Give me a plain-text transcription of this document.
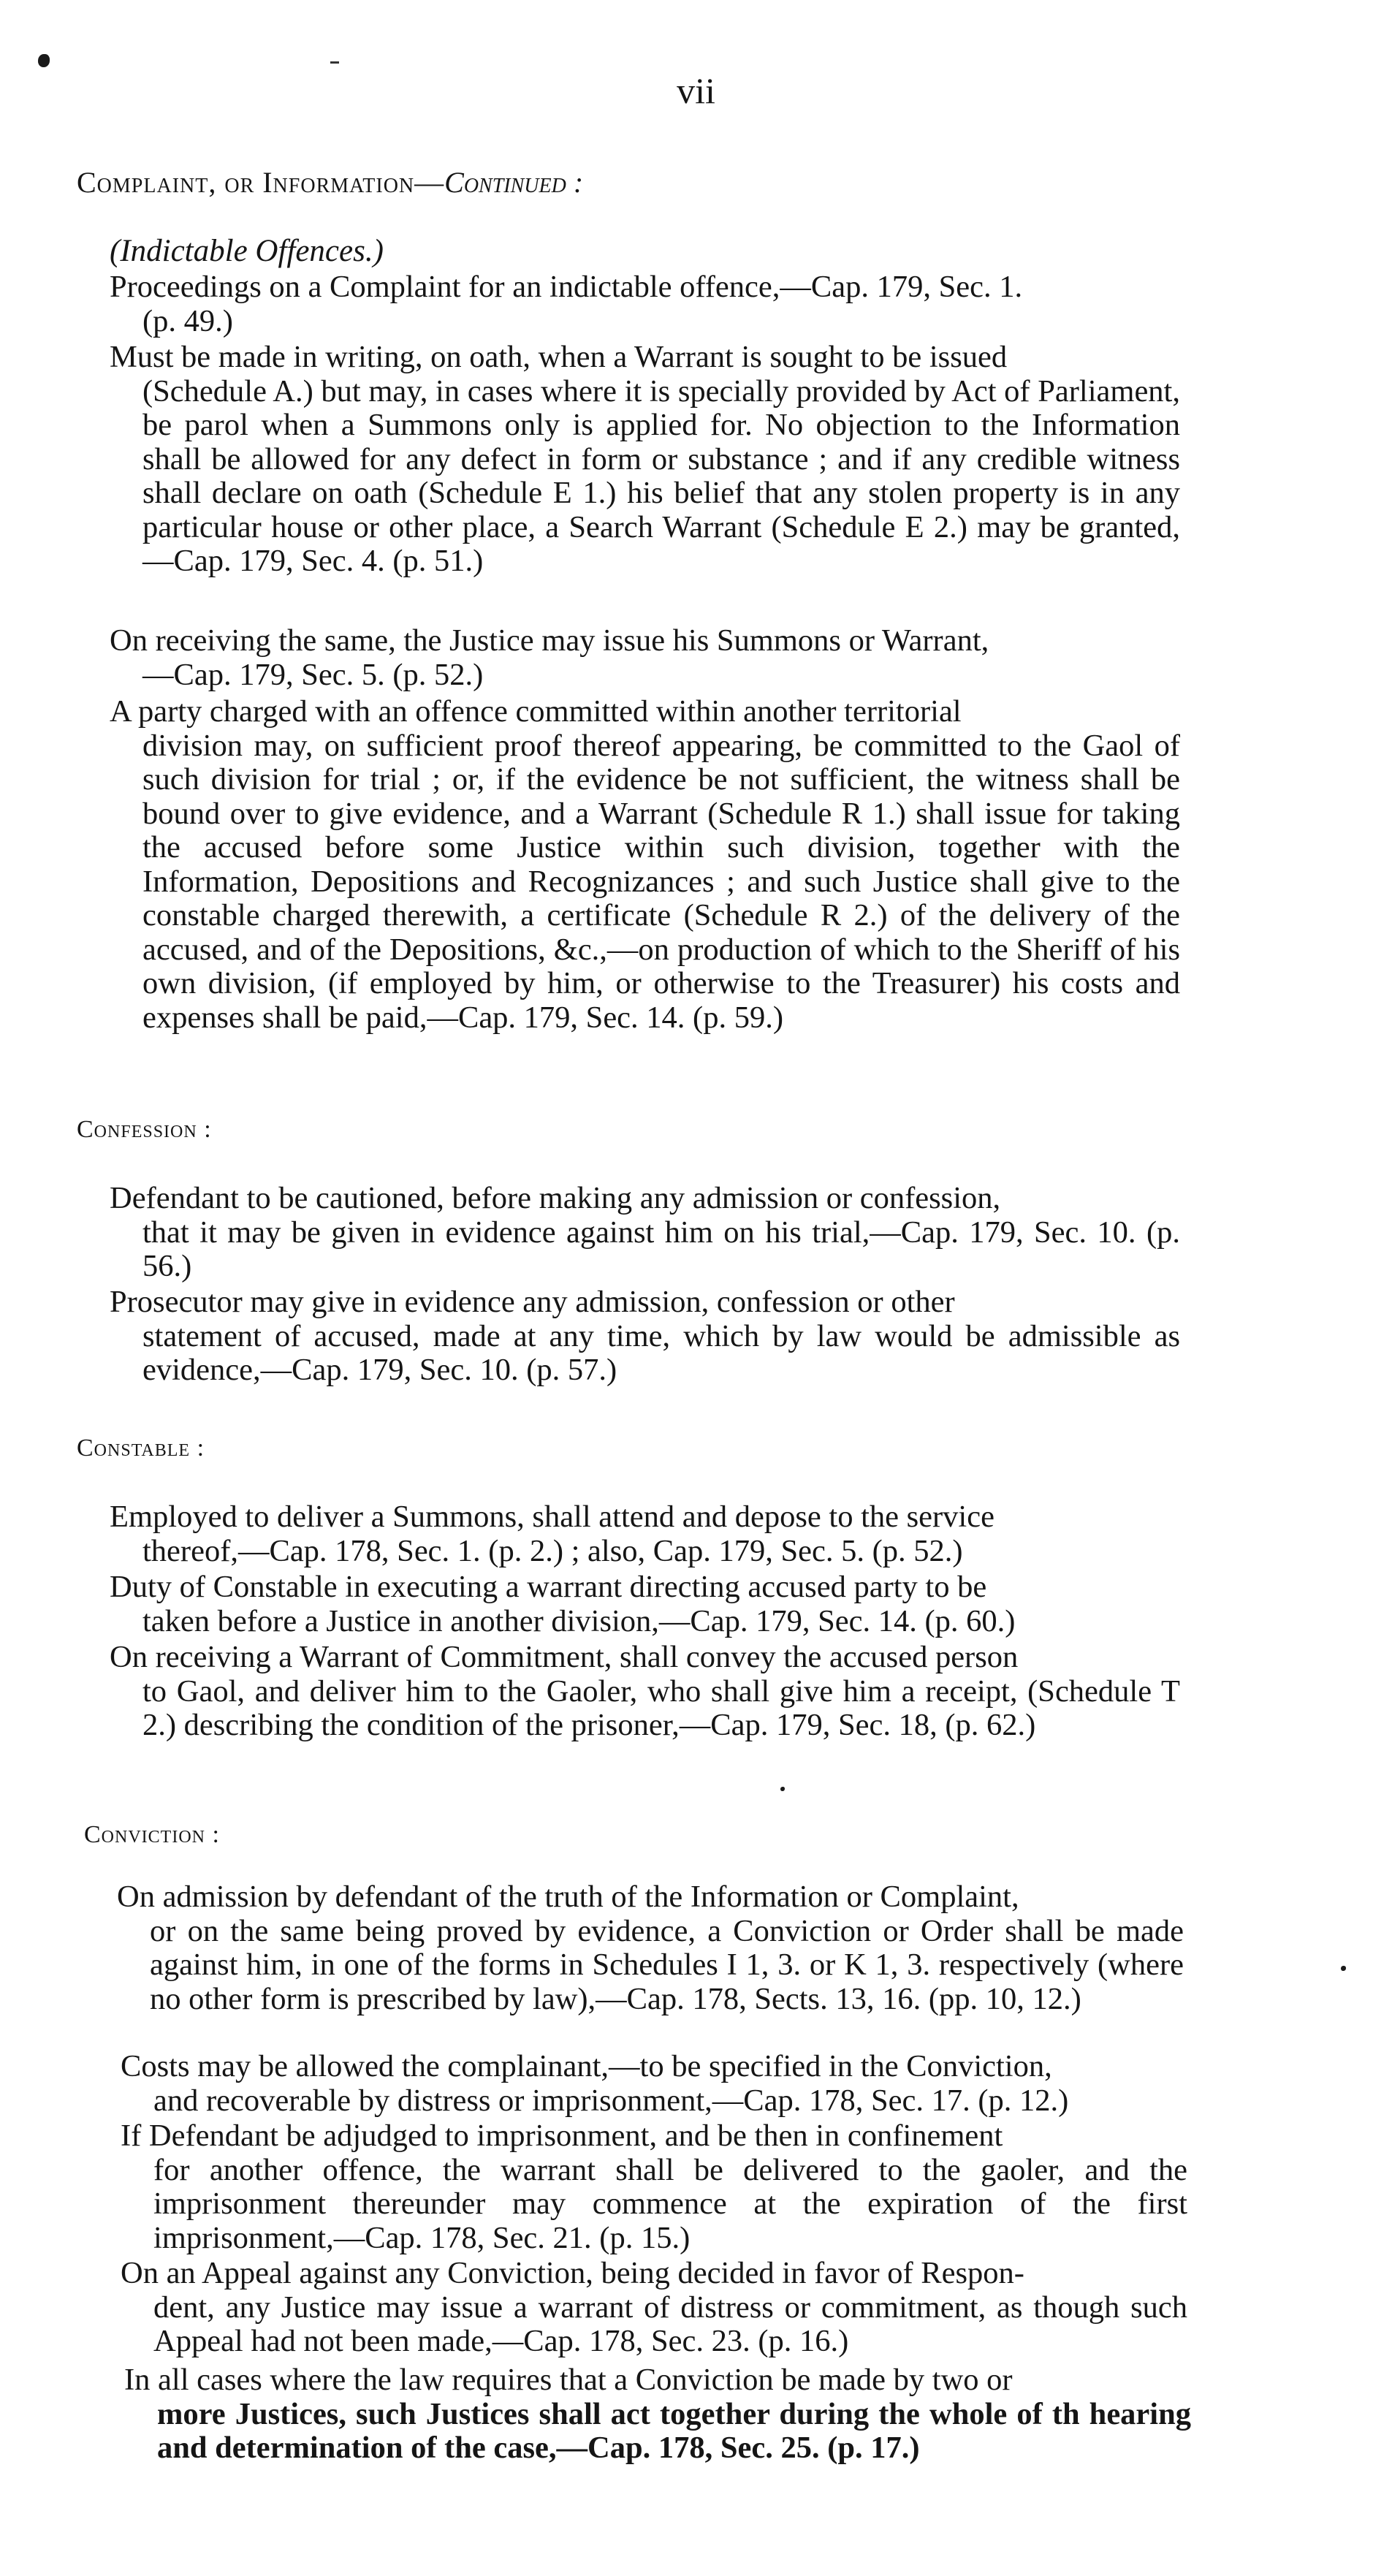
vii
Complaint, or Information—Continued :
(Indictable Offences.)
Proceedings on a Complaint for an indictable offence,—Cap. 179, Sec. 1.
(p. 49.)
Must be made in writing, on oath, when a Warrant is sought to be issued
(Schedule A.) but may, in cases where it is specially provided by Act of Parliament, be parol when a Summons only is applied for. No objection to the Information shall be allowed for any defect in form or substance ; and if any credible witness shall declare on oath (Schedule E 1.) his belief that any stolen property is in any particular house or other place, a Search Warrant (Schedule E 2.) may be granted,—Cap. 179, Sec. 4. (p. 51.)
On receiving the same, the Justice may issue his Summons or Warrant,
—Cap. 179, Sec. 5. (p. 52.)
A party charged with an offence committed within another territorial
division may, on sufficient proof thereof appearing, be committed to the Gaol of such division for trial ; or, if the evidence be not sufficient, the witness shall be bound over to give evidence, and a Warrant (Schedule R 1.) shall issue for taking the accused before some Justice within such division, together with the Information, Depositions and Recognizances ; and such Justice shall give to the constable charged therewith, a certificate (Schedule R 2.) of the delivery of the accused, and of the Depositions, &c.,—on production of which to the Sheriff of his own division, (if employed by him, or otherwise to the Treasurer) his costs and expenses shall be paid,—Cap. 179, Sec. 14. (p. 59.)
Confession :
Defendant to be cautioned, before making any admission or confession,
that it may be given in evidence against him on his trial,—Cap. 179, Sec. 10. (p. 56.)
Prosecutor may give in evidence any admission, confession or other
statement of accused, made at any time, which by law would be admissible as evidence,—Cap. 179, Sec. 10. (p. 57.)
Constable :
Employed to deliver a Summons, shall attend and depose to the service
thereof,—Cap. 178, Sec. 1. (p. 2.) ; also, Cap. 179, Sec. 5. (p. 52.)
Duty of Constable in executing a warrant directing accused party to be
taken before a Justice in another division,—Cap. 179, Sec. 14. (p. 60.)
On receiving a Warrant of Commitment, shall convey the accused person
to Gaol, and deliver him to the Gaoler, who shall give him a receipt, (Schedule T 2.) describing the condition of the prisoner,—Cap. 179, Sec. 18, (p. 62.)
Conviction :
On admission by defendant of the truth of the Information or Complaint,
or on the same being proved by evidence, a Conviction or Order shall be made against him, in one of the forms in Schedules I 1, 3. or K 1, 3. respectively (where no other form is prescribed by law),—Cap. 178, Sects. 13, 16. (pp. 10, 12.)
Costs may be allowed the complainant,—to be specified in the Conviction,
and recoverable by distress or imprisonment,—Cap. 178, Sec. 17. (p. 12.)
If Defendant be adjudged to imprisonment, and be then in confinement
for another offence, the warrant shall be delivered to the gaoler, and the imprisonment thereunder may commence at the expiration of the first imprisonment,—Cap. 178, Sec. 21. (p. 15.)
On an Appeal against any Conviction, being decided in favor of Respon-
dent, any Justice may issue a warrant of distress or commitment, as though such Appeal had not been made,—Cap. 178, Sec. 23. (p. 16.)
In all cases where the law requires that a Conviction be made by two or
more Justices, such Justices shall act together during the whole of th hearing and determination of the case,—Cap. 178, Sec. 25. (p. 17.)
